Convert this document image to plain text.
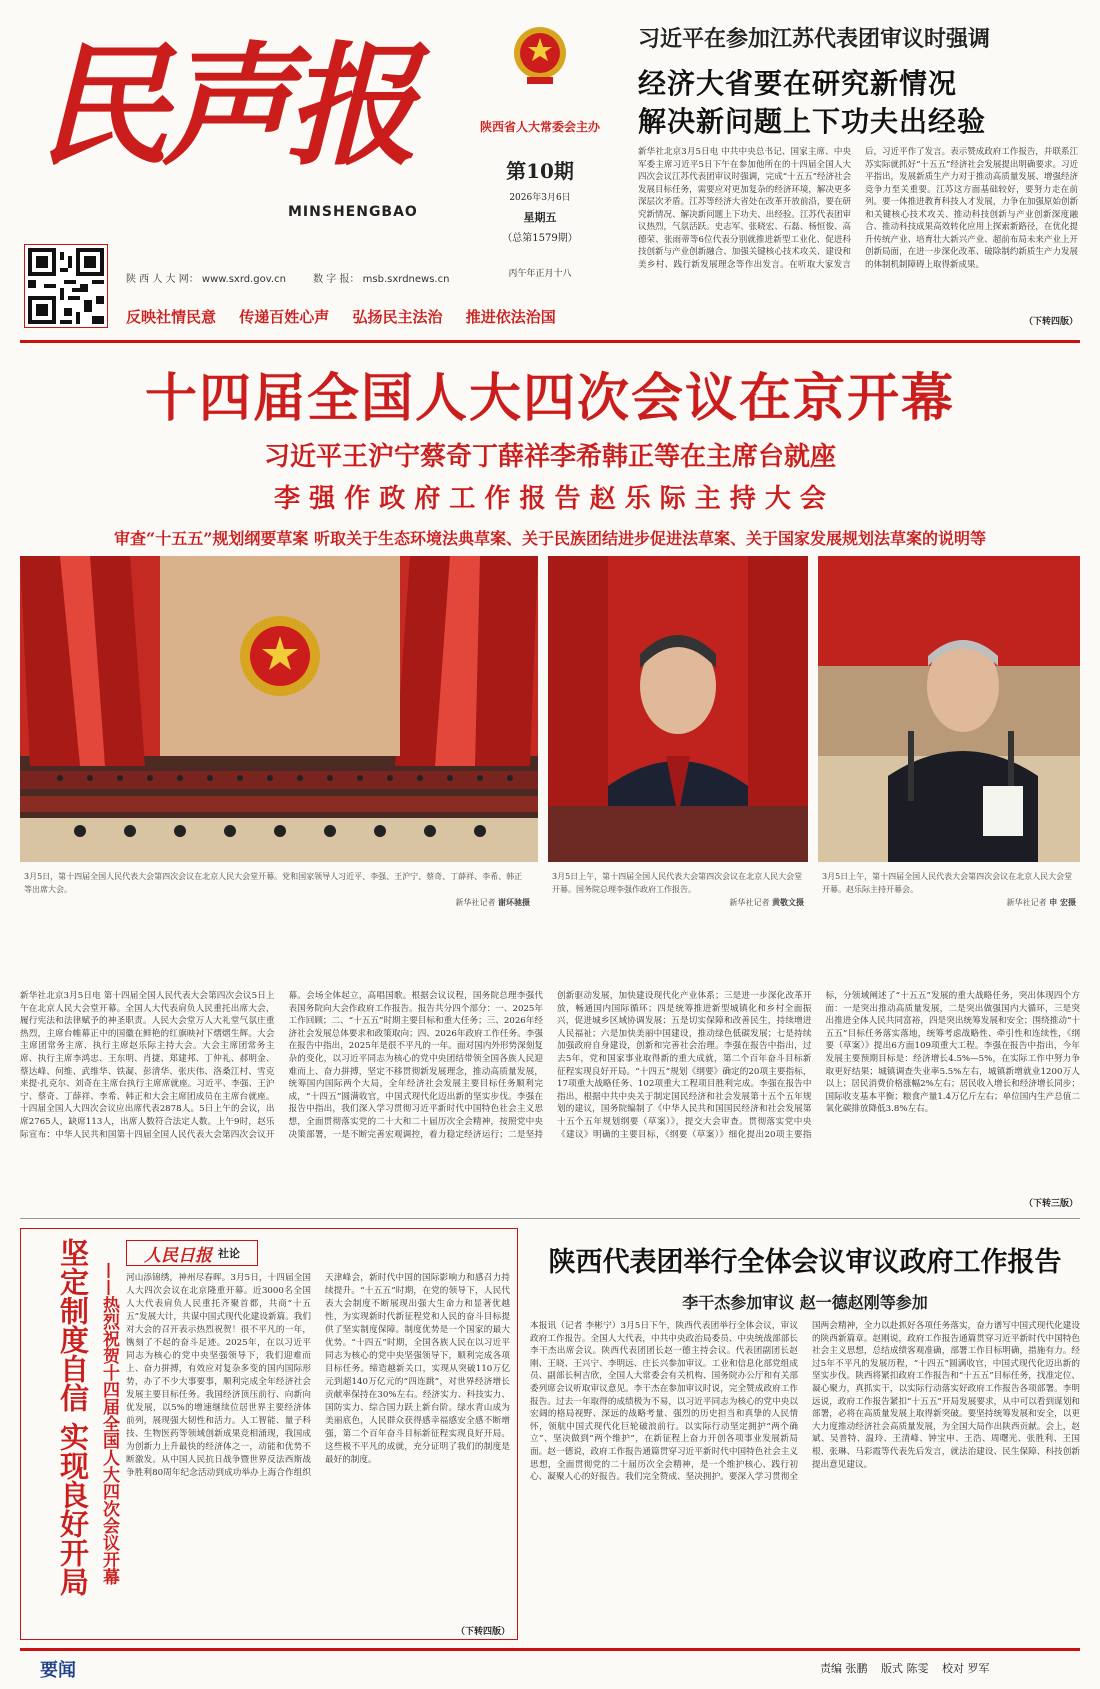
民声报
MINSHENGBAO
陕西省人大常委会主办
第10期
2026年3月6日
星期五
（总第1579期）
丙午年正月十八
陕 西 人 大 网： www.sxrd.gov.cn	数 字 报： msb.sxrdnews.cn
反映社情民意 传递百姓心声 弘扬民主法治 推进依法治国
习近平在参加江苏代表团审议时强调
经济大省要在研究新情况
解决新问题上下功夫出经验
新华社北京3月5日电 中共中央总书记、国家主席、中央军委主席习近平5日下午在参加他所在的十四届全国人大四次会议江苏代表团审议时强调，完成“十五五”经济社会发展目标任务，需要应对更加复杂的经济环境，解决更多深层次矛盾。江苏等经济大省处在改革开放前沿，要在研究新情况、解决新问题上下功夫、出经验。江苏代表团审议热烈，气氛活跃。史志军、张晓宏、石磊、杨恒俊、高德荣、张雨蒂等6位代表分别就推进新型工业化、促进科技创新与产业创新融合、加强关键核心技术攻关、建设和美乡村、践行新发展理念等作出发言。在听取大家发言后，习近平作了发言。表示赞成政府工作报告，并联系江苏实际就抓好“十五五”经济社会发展提出明确要求。习近平指出，发展新质生产力对于推动高质量发展、增强经济竞争力至关重要。江苏这方面基础较好，要努力走在前列。要一体推进教育科技人才发展，力争在加强原始创新和关键核心技术攻关、推动科技创新与产业创新深度融合、推动科技成果高效转化应用上探索新路径，在优化提升传统产业、培育壮大新兴产业、超前布局未来产业上开创新局面，在进一步深化改革、破除制约新质生产力发展的体制机制障碍上取得新成果。
（下转四版）
十四届全国人大四次会议在京开幕
习近平王沪宁蔡奇丁薛祥李希韩正等在主席台就座
李 强 作 政 府 工 作 报 告 赵 乐 际 主 持 大 会
审查“十五五”规划纲要草案 听取关于生态环境法典草案、关于民族团结进步促进法草案、关于国家发展规划法草案的说明等
3月5日，第十四届全国人民代表大会第四次会议在北京人民大会堂开幕。党和国家领导人习近平、李强、王沪宁、蔡奇、丁薛祥、李希、韩正等出席大会。
新华社记者 谢环驰摄
3月5日上午，第十四届全国人民代表大会第四次会议在北京人民大会堂开幕。国务院总理李强作政府工作报告。
新华社记者 黄敬文摄
3月5日上午，第十四届全国人民代表大会第四次会议在北京人民大会堂开幕。赵乐际主持开幕会。
新华社记者 申 宏摄
新华社北京3月5日电 第十四届全国人民代表大会第四次会议5日上午在北京人民大会堂开幕。全国人大代表肩负人民重托出席大会，履行宪法和法律赋予的神圣职责。人民大会堂万人大礼堂气氛庄重热烈，主席台帷幕正中的国徽在鲜艳的红旗映衬下熠熠生辉。大会主席团常务主席、执行主席赵乐际主持大会。大会主席团常务主席、执行主席李鸿忠、王东明、肖捷、郑建邦、丁仲礼、郝明金、蔡达峰、何维、武维华、铁凝、彭清华、张庆伟、洛桑江村、雪克来提·扎克尔、刘奇在主席台执行主席席就座。习近平、李强、王沪宁、蔡奇、丁薛祥、李希、韩正和大会主席团成员在主席台就座。十四届全国人大四次会议应出席代表2878人。5日上午的会议，出席2765人，缺席113人，出席人数符合法定人数。上午9时，赵乐际宣布：中华人民共和国第十四届全国人民代表大会第四次会议开幕。会场全体起立，高唱国歌。根据会议议程，国务院总理李强代表国务院向大会作政府工作报告。报告共分四个部分：一、2025年工作回顾；二、“十五五”时期主要目标和重大任务；三、2026年经济社会发展总体要求和政策取向；四、2026年政府工作任务。李强在报告中指出，2025年是很不平凡的一年。面对国内外形势深刻复杂的变化，以习近平同志为核心的党中央团结带领全国各族人民迎难而上、奋力拼搏，坚定不移贯彻新发展理念，推动高质量发展，统筹国内国际两个大局，全年经济社会发展主要目标任务顺利完成，“十四五”圆满收官，中国式现代化迈出新的坚实步伐。李强在报告中指出，我们深入学习贯彻习近平新时代中国特色社会主义思想，全面贯彻落实党的二十大和二十届历次全会精神，按照党中央决策部署，一是不断完善宏观调控，着力稳定经济运行；二是坚持创新驱动发展，加快建设现代化产业体系；三是进一步深化改革开放，畅通国内国际循环；四是统筹推进新型城镇化和乡村全面振兴，促进城乡区域协调发展；五是切实保障和改善民生，持续增进人民福祉；六是加快美丽中国建设，推动绿色低碳发展；七是持续加强政府自身建设，创新和完善社会治理。李强在报告中指出，过去5年，党和国家事业取得新的重大成就，第二个百年奋斗目标新征程实现良好开局。“十四五”规划《纲要》确定的20项主要指标，17项重大战略任务、102项重大工程项目胜利完成。李强在报告中指出，根据中共中央关于制定国民经济和社会发展第十五个五年规划的建议，国务院编制了《中华人民共和国国民经济和社会发展第十五个五年规划纲要（草案）》，提交大会审查。贯彻落实党中央《建议》明确的主要目标，《纲要（草案）》细化提出20项主要指标，分领域阐述了“十五五”发展的重大战略任务，突出体现四个方面：一是突出推动高质量发展，二是突出做强国内大循环，三是突出推进全体人民共同富裕，四是突出统筹发展和安全；围绕推动“十五五”目标任务落实落地，统筹考虑战略性、牵引性和连续性，《纲要（草案）》提出6方面109项重大工程。李强在报告中指出，今年发展主要预期目标是：经济增长4.5%—5%，在实际工作中努力争取更好结果；城镇调查失业率5.5%左右，城镇新增就业1200万人以上；居民消费价格涨幅2%左右；居民收入增长和经济增长同步；国际收支基本平衡；粮食产量1.4万亿斤左右；单位国内生产总值二氧化碳排放降低3.8%左右。
（下转三版）
坚定制度自信 实现良好开局 ——热烈祝贺十四届全国人大四次会议开幕
人民日报 社论
河山添锦绣，神州尽春晖。3月5日，十四届全国人大四次会议在北京隆重开幕。近3000名全国人大代表肩负人民重托齐聚首都，共商“十五五”发展大计，共谋中国式现代化建设新篇。我们对大会的召开表示热烈祝贺！很不平凡的一年，镌刻了不起的奋斗足迹。2025年，在以习近平同志为核心的党中央坚强领导下，我们迎难而上、奋力拼搏，有效应对复杂多变的国内国际形势，办了不少大事要事，顺利完成全年经济社会发展主要目标任务。我国经济顶压前行、向新向优发展，以5%的增速继续位居世界主要经济体前列，展现强大韧性和活力。人工智能、量子科技、生物医药等领域创新成果竞相涌现，我国成为创新力上升最快的经济体之一，动能和优势不断激发。从中国人民抗日战争暨世界反法西斯战争胜利80周年纪念活动到成功举办上海合作组织天津峰会，新时代中国的国际影响力和感召力持续提升。“十五五”时期，在党的领导下，人民代表大会制度不断展现出强大生命力和显著优越性，为实现新时代新征程党和人民的奋斗目标提供了坚实制度保障。制度优势是一个国家的最大优势。“十四五”时期，全国各族人民在以习近平同志为核心的党中央坚强领导下，顺利完成各项目标任务。缔造越新关口，实现从突破110万亿元到超140万亿元的“四连跳”，对世界经济增长贡献率保持在30%左右。经济实力、科技实力、国防实力、综合国力跃上新台阶。绿水青山成为美丽底色，人民群众获得感幸福感安全感不断增强，第二个百年奋斗目标新征程实现良好开局。这些极不平凡的成就，充分证明了我们的制度是最好的制度。
（下转四版）
陕西代表团举行全体会议审议政府工作报告
李干杰参加审议 赵一德赵刚等参加
本报讯（记者 李彬宁）3月5日下午，陕西代表团举行全体会议，审议政府工作报告。全国人大代表，中共中央政治局委员、中央统战部部长李干杰出席会议。陕西代表团团长赵一德主持会议。代表团副团长赵刚、王晓、王兴宁、李明远、庄长兴参加审议。工业和信息化部党组成员、副部长柯吉欣，全国人大常委会有关机构、国务院办公厅和有关部委列席会议听取审议意见。李干杰在参加审议时说，完全赞成政府工作报告。过去一年取得的成绩极为不易，以习近平同志为核心的党中央以宏阔的格局视野、深远的战略考量、强烈的历史担当和真挚的人民情怀，领航中国式现代化巨轮破浪前行。以实际行动坚定拥护“两个确立”、坚决做到“两个维护”，在新征程上奋力开创各项事业发展新局面。赵一德说，政府工作报告通篇贯穿习近平新时代中国特色社会主义思想，全面贯彻党的二十届历次全会精神，是一个维护核心、践行初心、凝聚人心的好报告。我们完全赞成、坚决拥护。要深入学习贯彻全国两会精神，全力以赴抓好各项任务落实，奋力谱写中国式现代化建设的陕西新篇章。赵刚说，政府工作报告通篇贯穿习近平新时代中国特色社会主义思想，总结成绩客观准确，部署工作目标明确，措施有力。经过5年不平凡的发展历程，“十四五”圆满收官，中国式现代化迈出新的坚实步伐。陕西将紧扣政府工作报告和“十五五”目标任务，找准定位、凝心聚力，真抓实干，以实际行动落实好政府工作报告各项部署。李明远说，政府工作报告紧扣“十五五”开局发展要求，从中可以看到谋划和部署，必将在高质量发展上取得新突破。要坚持统筹发展和安全，以更大力度推动经济社会高质量发展，为全国大局作出陕西贡献。会上，赵斌、吴普特、温玲、王清峰、钟宝申、王浩、周曙光、张胜利、王国根、张琳、马彩霞等代表先后发言，就法治建设、民生保障、科技创新提出意见建议。
要闻	责编 张鹏 版式 陈雯 校对 罗军
